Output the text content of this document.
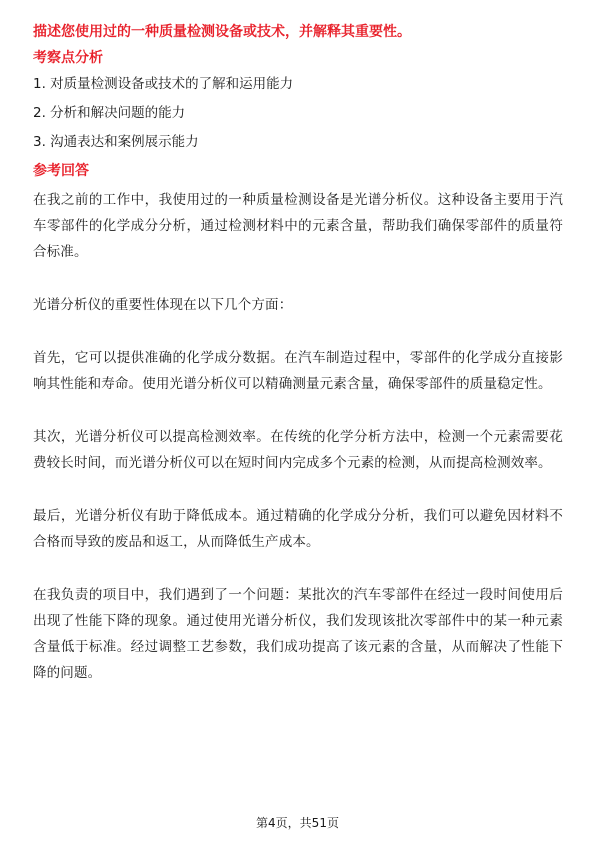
描述您使用过的一种质量检测设备或技术，并解释其重要性。
考察点分析
1. 对质量检测设备或技术的了解和运用能力
2. 分析和解决问题的能力
3. 沟通表达和案例展示能力
参考回答

在我之前的工作中，我使用过的一种质量检测设备是光谱分析仪。这种设备主要用于汽车零部件的化学成分分析，通过检测材料中的元素含量，帮助我们确保零部件的质量符合标准。

光谱分析仪的重要性体现在以下几个方面：

首先，它可以提供准确的化学成分数据。在汽车制造过程中，零部件的化学成分直接影响其性能和寿命。使用光谱分析仪可以精确测量元素含量，确保零部件的质量稳定性。

其次，光谱分析仪可以提高检测效率。在传统的化学分析方法中，检测一个元素需要花费较长时间，而光谱分析仪可以在短时间内完成多个元素的检测，从而提高检测效率。

最后，光谱分析仪有助于降低成本。通过精确的化学成分分析，我们可以避免因材料不合格而导致的废品和返工，从而降低生产成本。

在我负责的项目中，我们遇到了一个问题：某批次的汽车零部件在经过一段时间使用后出现了性能下降的现象。通过使用光谱分析仪，我们发现该批次零部件中的某一种元素含量低于标准。经过调整工艺参数，我们成功提高了该元素的含量，从而解决了性能下降的问题。

第4页，共51页
